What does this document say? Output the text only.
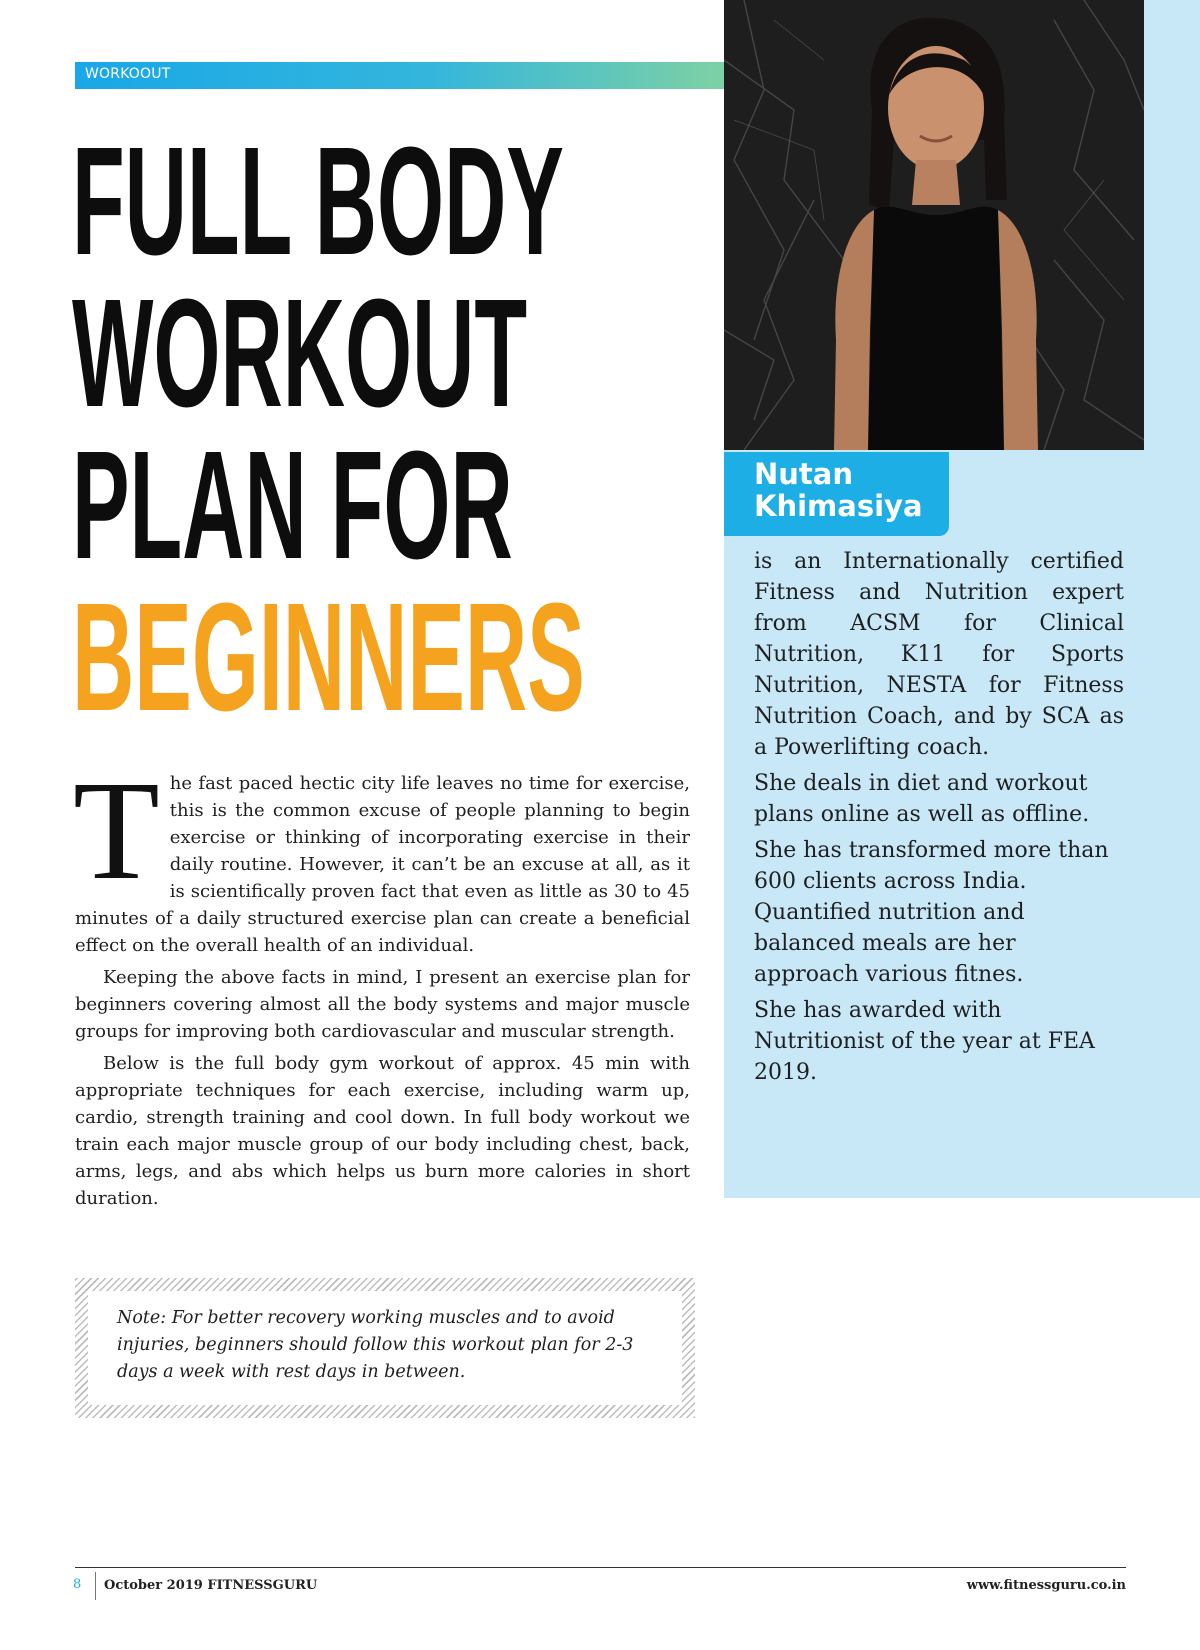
Nutan
Khimasiya

is an Internationally certified Fitness and Nutrition expert from ACSM for Clinical Nutrition, K11 for Sports Nutrition, NESTA for Fitness Nutrition Coach, and by SCA as a Powerlifting coach.

She deals in diet and workout plans online as well as offline.

She has transformed more than 600 clients across India. Quantified nutrition and balanced meals are her approach various fitnes.

She has awarded with Nutritionist of the year at FEA 2019.

WORKOOUT
FULL BODY
WORKOUT
PLAN FOR
BEGINNERS
T he fast paced hectic city life leaves no time for exercise, this is the common excuse of people planning to begin exercise or thinking of incorporating exercise in their daily routine. However, it can’t be an excuse at all, as it is scientifically proven fact that even as little as 30 to 45 minutes of a daily structured exercise plan can create a beneficial effect on the overall health of an individual.

Keeping the above facts in mind, I present an exercise plan for beginners covering almost all the body systems and major muscle groups for improving both cardiovascular and muscular strength.

Below is the full body gym workout of approx. 45 min with appropriate techniques for each exercise, including warm up, cardio, strength training and cool down. In full body workout we train each major muscle group of our body including chest, back, arms, legs, and abs which helps us burn more calories in short duration.

Note: For better recovery working muscles and to avoid injuries, beginners should follow this workout plan for 2-3 days a week with rest days in between.

8 October 2019 FITNESSGURU	www.fitnessguru.co.in
